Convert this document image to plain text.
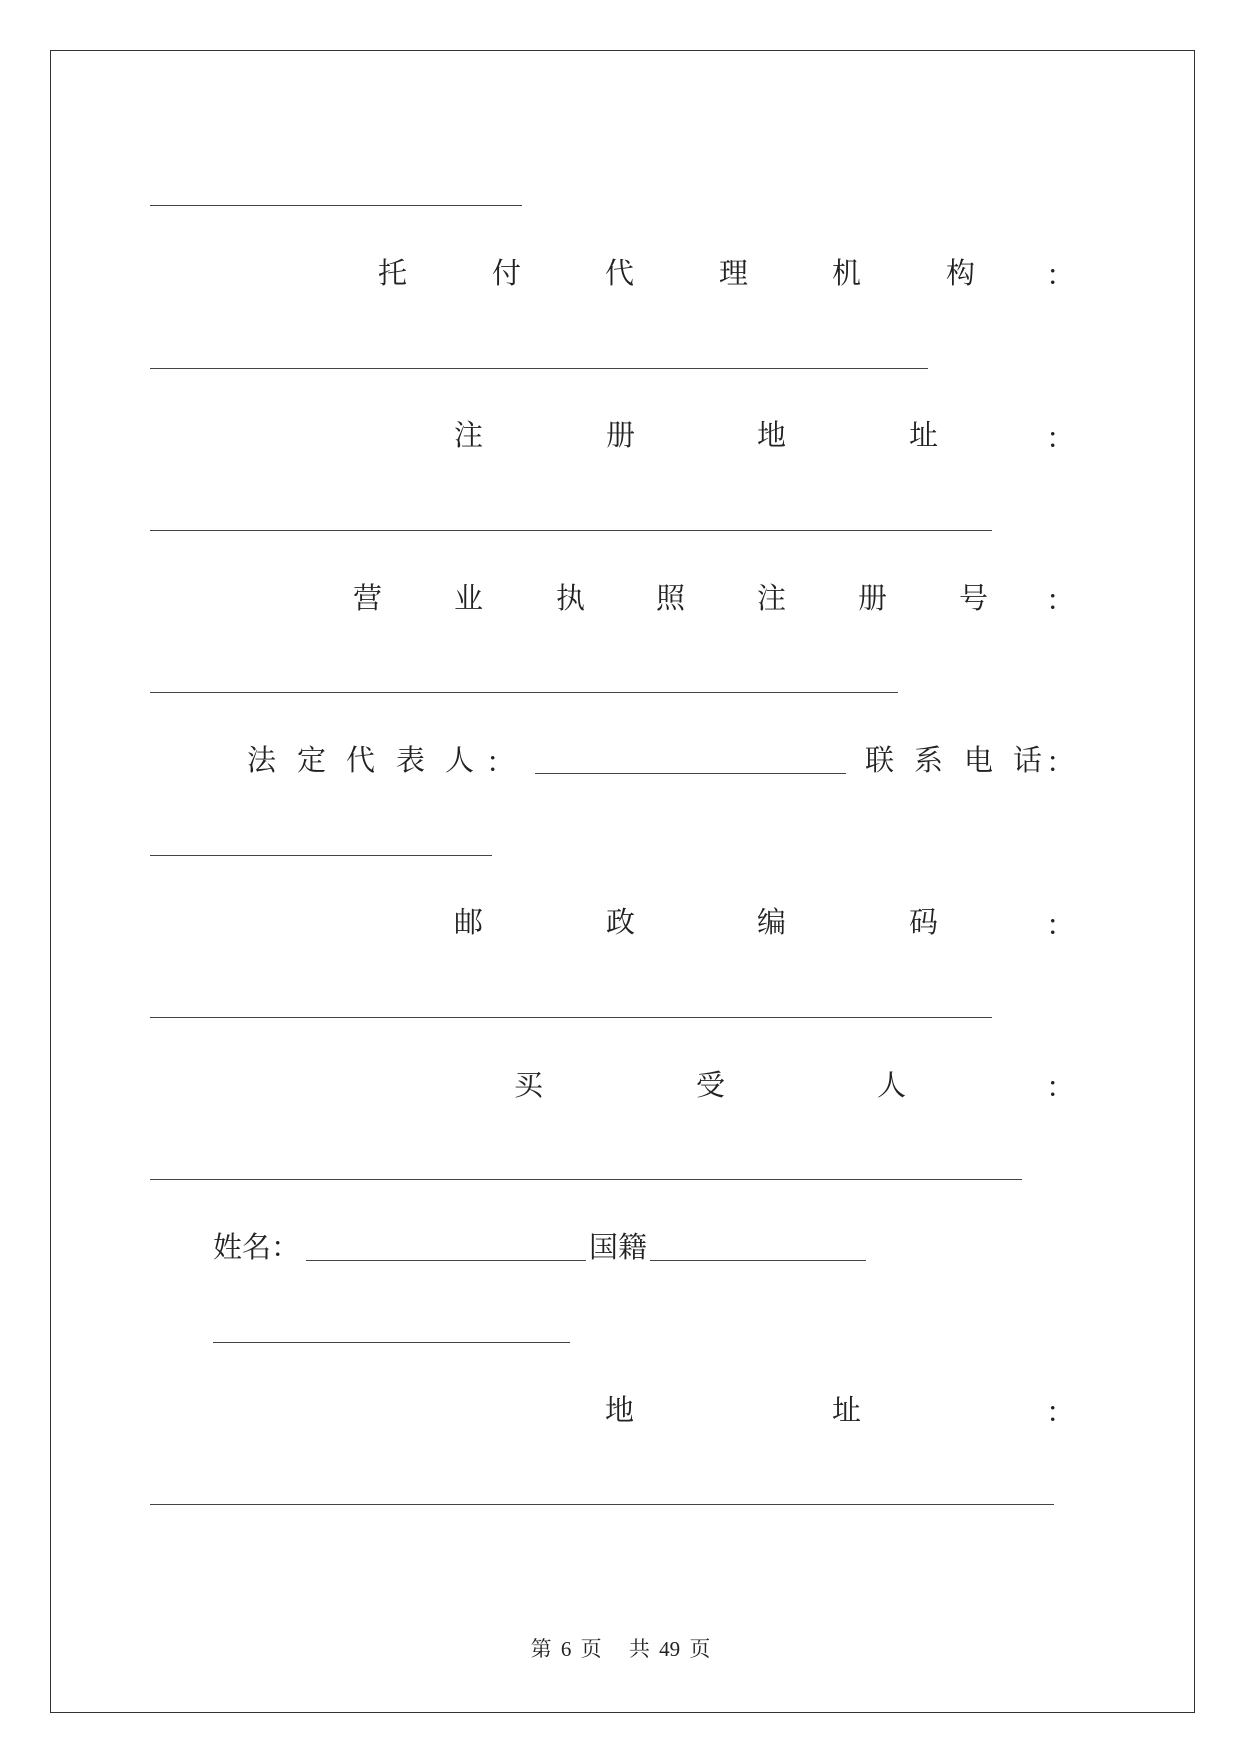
托	付	代	理	机	构 ：
注	册	地	址	：
营 业	执 照 注 册 号 ：
法 定 代 表 人 ：	联 系 电 话 ：
邮	政	编	码	：
买	受	人	：
姓名：	国籍
地	址	：
第 6 页 共 49 页
